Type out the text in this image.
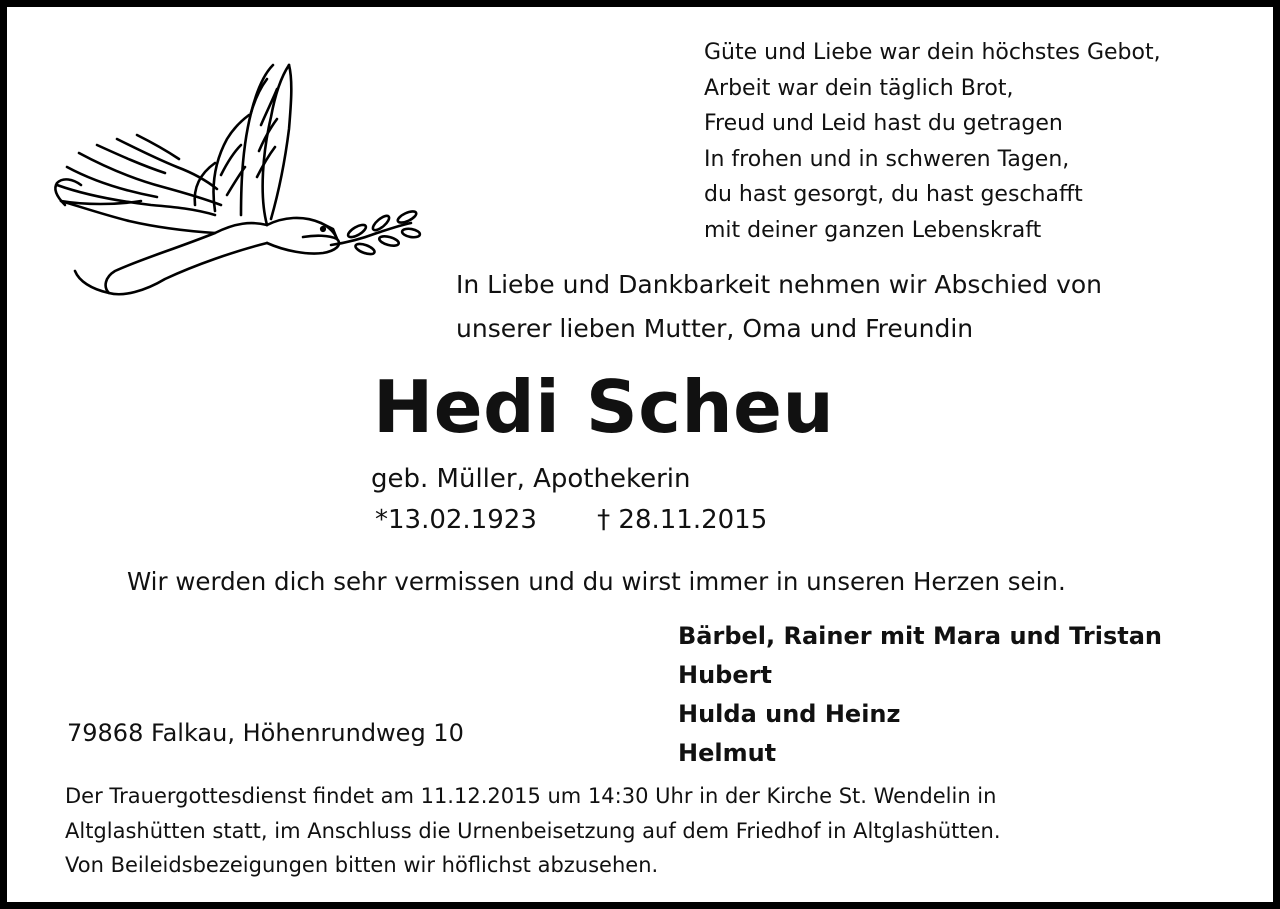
Güte und Liebe war dein höchstes Gebot,
Arbeit war dein täglich Brot,
Freud und Leid hast du getragen
In frohen und in schweren Tagen,
du hast gesorgt, du hast geschafft
mit deiner ganzen Lebenskraft
In Liebe und Dankbarkeit nehmen wir Abschied von
unserer lieben Mutter, Oma und Freundin
Hedi Scheu
geb. Müller, Apothekerin
*13.02.1923 † 28.11.2015
Wir werden dich sehr vermissen und du wirst immer in unseren Herzen sein.
Bärbel, Rainer mit Mara und Tristan
Hubert
Hulda und Heinz
Helmut
79868 Falkau, Höhenrundweg 10
Der Trauergottesdienst findet am 11.12.2015 um 14:30 Uhr in der Kirche St. Wendelin in
Altglashütten statt, im Anschluss die Urnenbeisetzung auf dem Friedhof in Altglashütten.
Von Beileidsbezeigungen bitten wir höflichst abzusehen.
